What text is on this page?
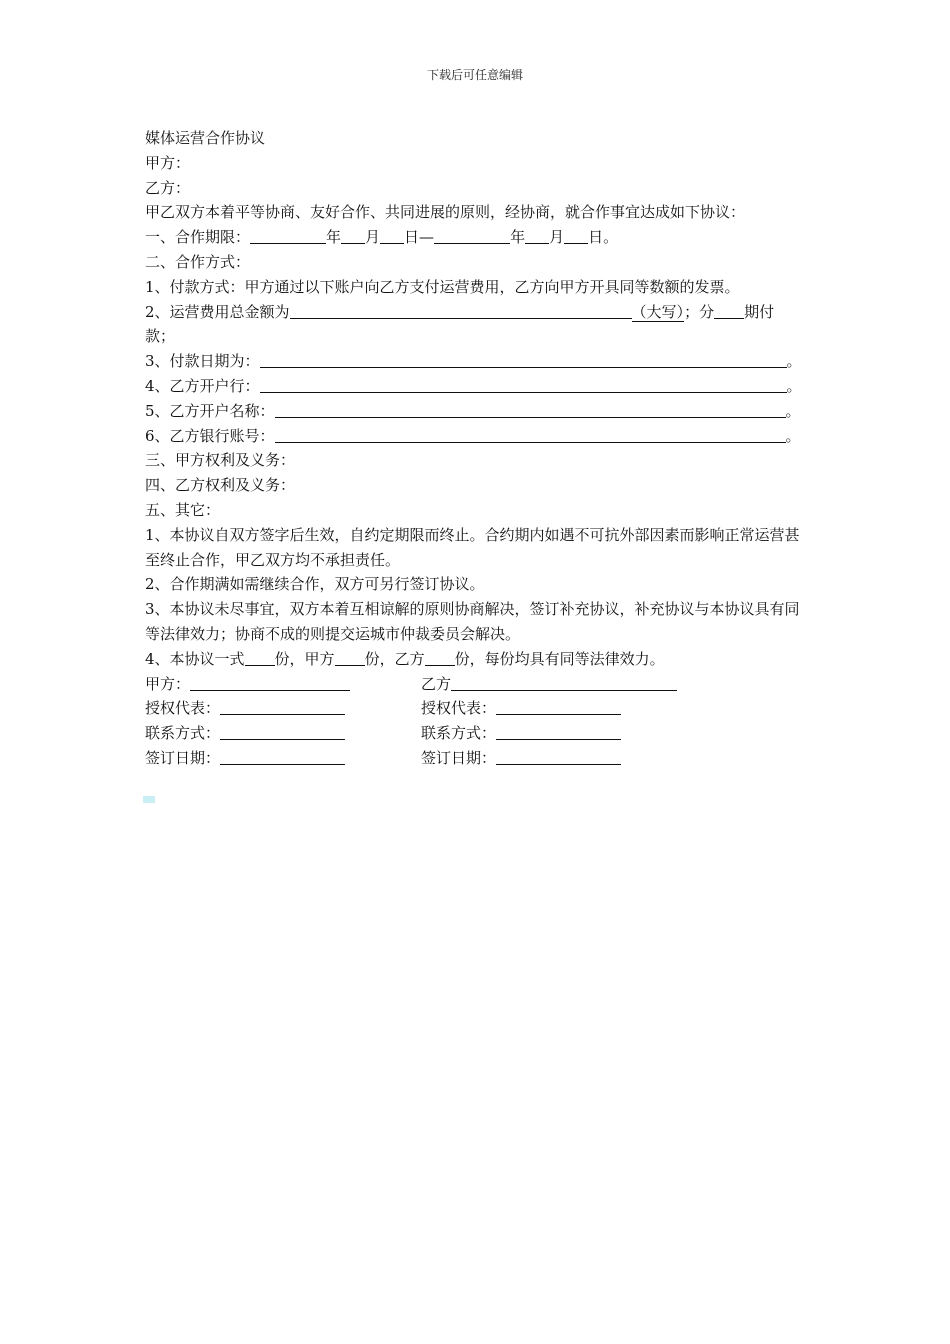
下载后可任意编辑
媒体运营合作协议
甲方：
乙方：
甲乙双方本着平等协商、友好合作、共同进展的原则，经协商，就合作事宜达成如下协议：
一、合作期限：	年 月 日—	年 月 日。
二、合作方式：
1、付款方式：甲方通过以下账户向乙方支付运营费用，乙方向甲方开具同等数额的发票。
2、运营费用总金额为	（大写）；分 期付
款；
3、付款日期为：	。
4、乙方开户行：	。
5、乙方开户名称：	。
6、乙方银行账号：	。
三、甲方权利及义务：
四、乙方权利及义务：
五、其它：
1、本协议自双方签字后生效，自约定期限而终止。合约期内如遇不可抗外部因素而影响正常运营甚至终止合作，甲乙双方均不承担责任。
2、合作期满如需继续合作，双方可另行签订协议。
3、本协议未尽事宜，双方本着互相谅解的原则协商解决，签订补充协议，补充协议与本协议具有同等法律效力；协商不成的则提交运城市仲裁委员会解决。
4、本协议一式 份，甲方 份，乙方 份，每份均具有同等法律效力。
甲方：	乙方
授权代表：	授权代表：
联系方式：	联系方式：
签订日期：	签订日期：
